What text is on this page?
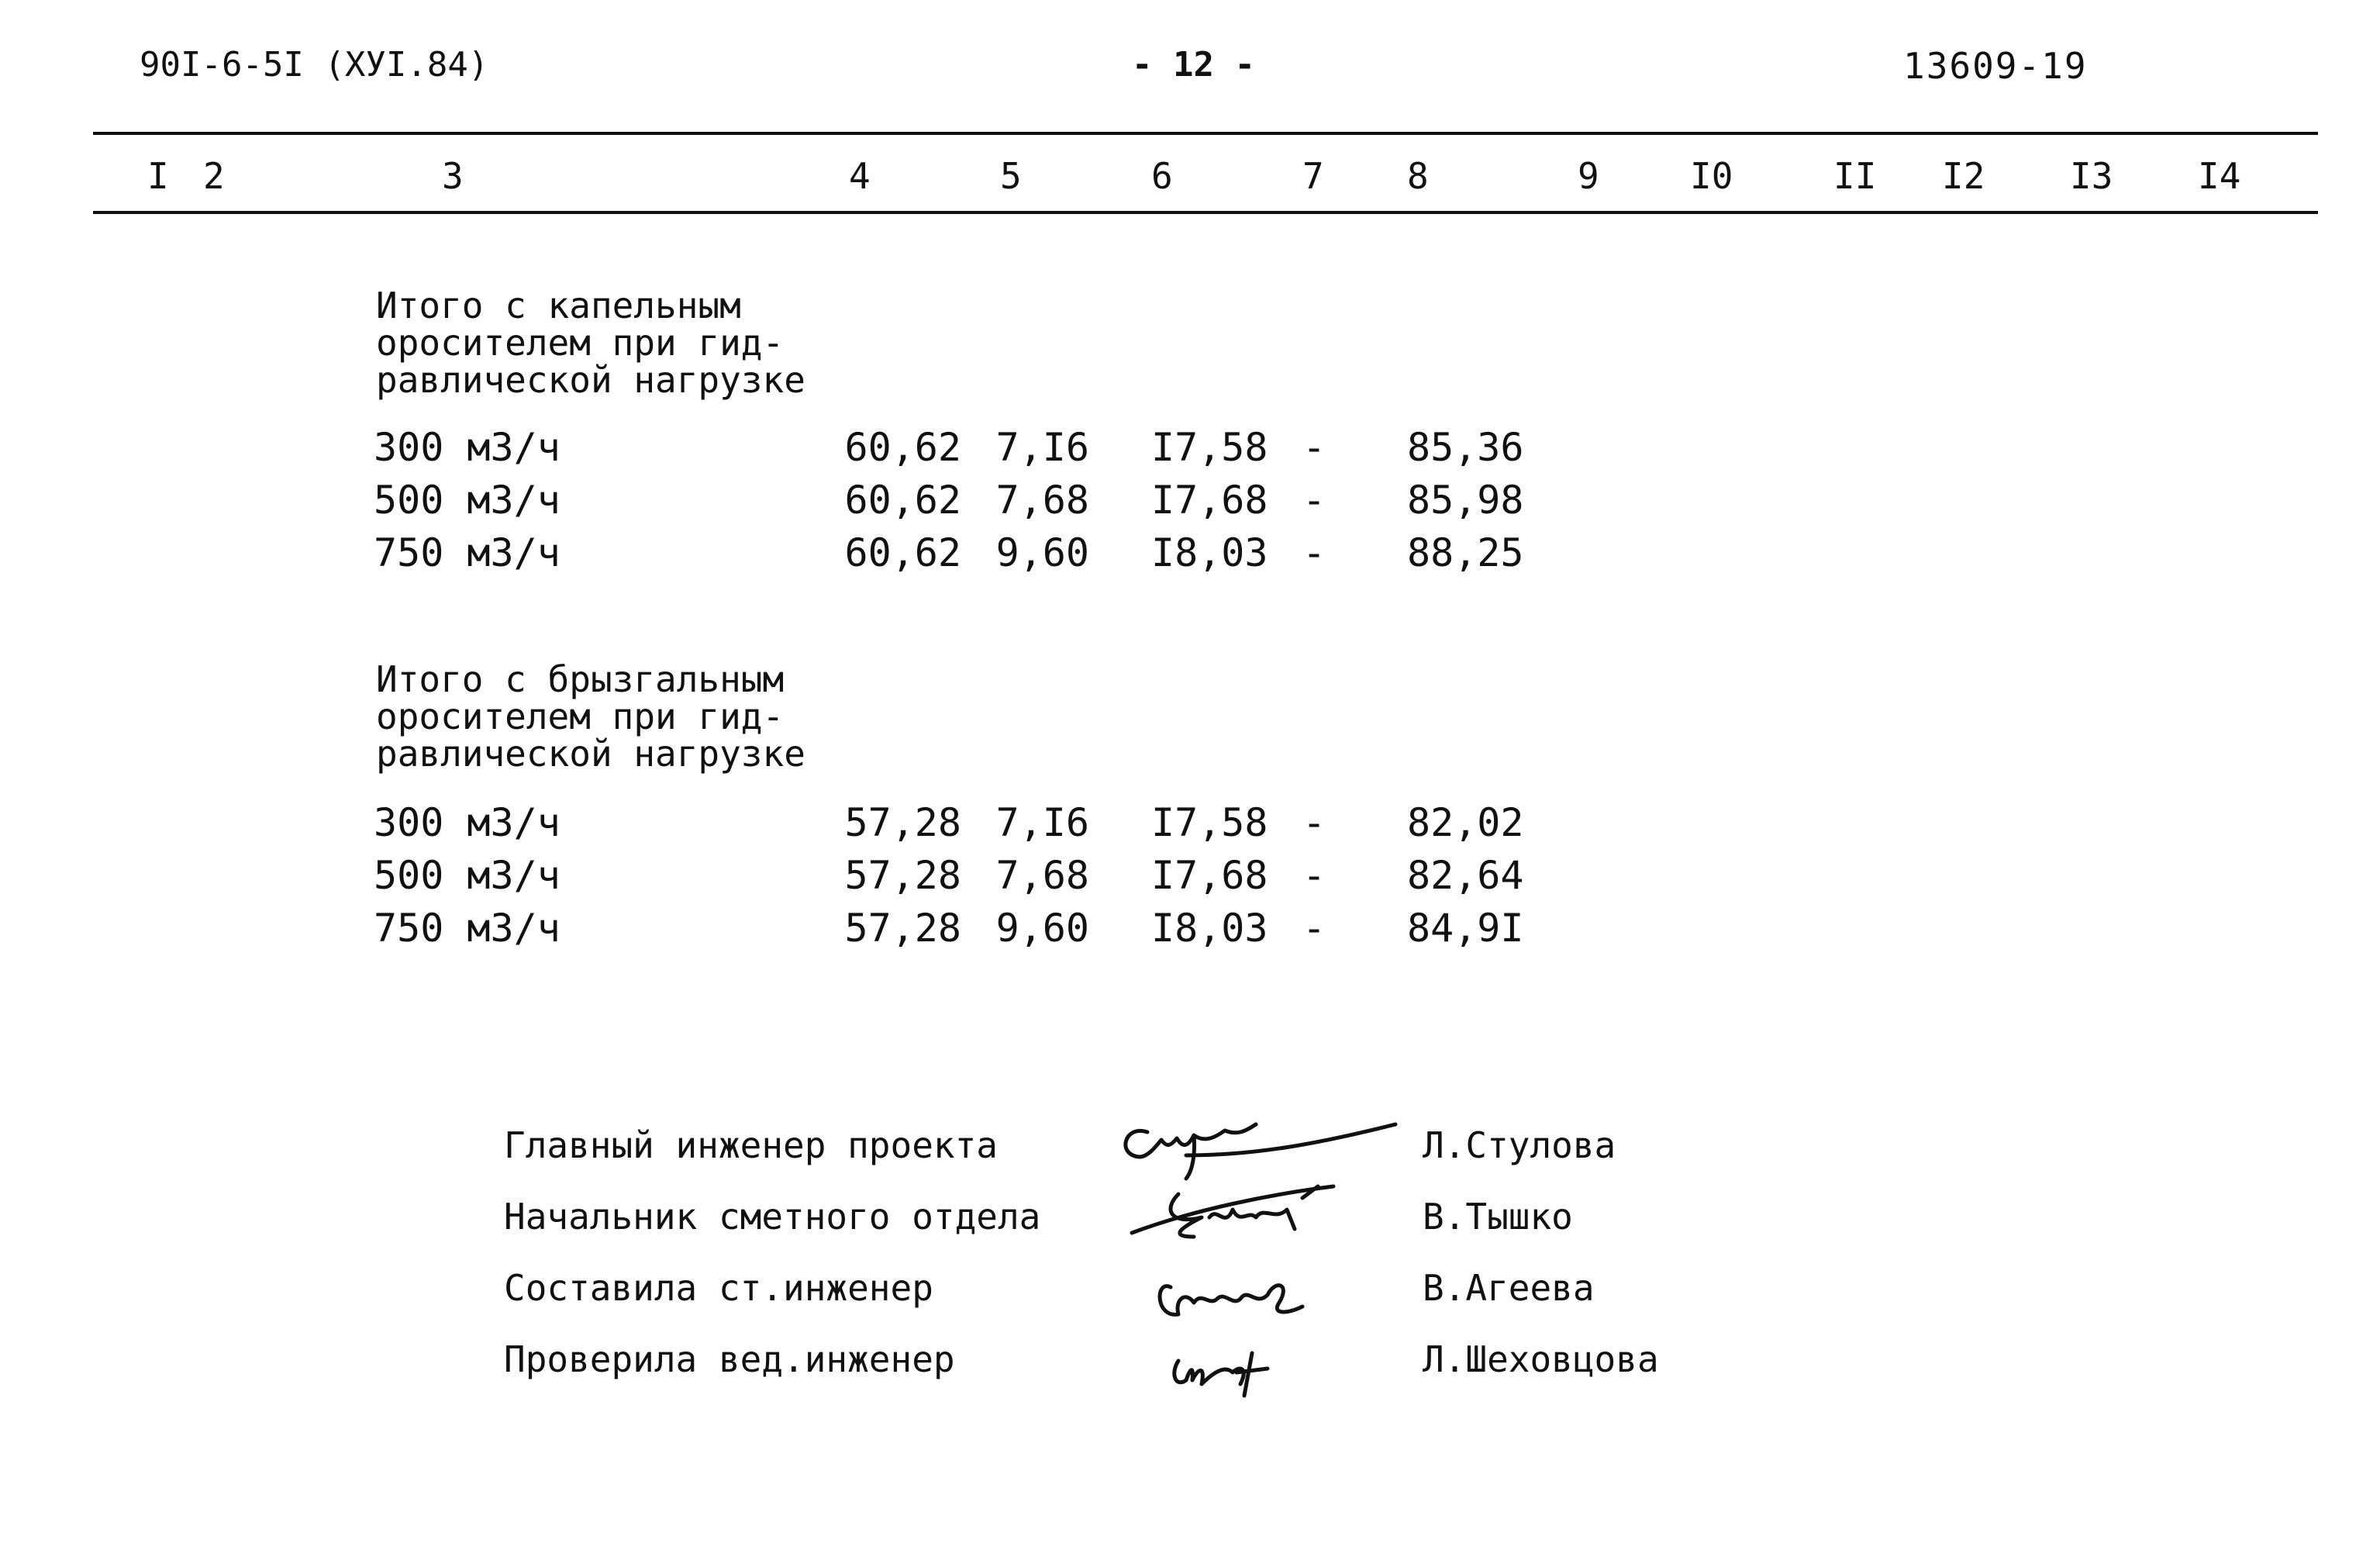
90I-6-5I (XУI.84)	- 12 -	13609-19
I 2	3	4	5	6	7 8	9	I0	II I2 I3 I4
Итого с капельным
оросителем при гид-
равлической нагрузке
300 м3/ч	60,62 7,I6 I7,58 - 85,36
500 м3/ч	60,62 7,68 I7,68 - 85,98
750 м3/ч	60,62 9,60 I8,03 - 88,25
Итого с брызгальным
оросителем при гид-
равлической нагрузке
300 м3/ч	57,28 7,I6 I7,58 - 82,02
500 м3/ч	57,28 7,68 I7,68 - 82,64
750 м3/ч	57,28 9,60 I8,03 - 84,9I
Главный инженер проекта	Л.Стулова
Начальник сметного отдела	В.Тышко
Составила ст.инженер	В.Агеева
Проверила вед.инженер	Л.Шеховцова
